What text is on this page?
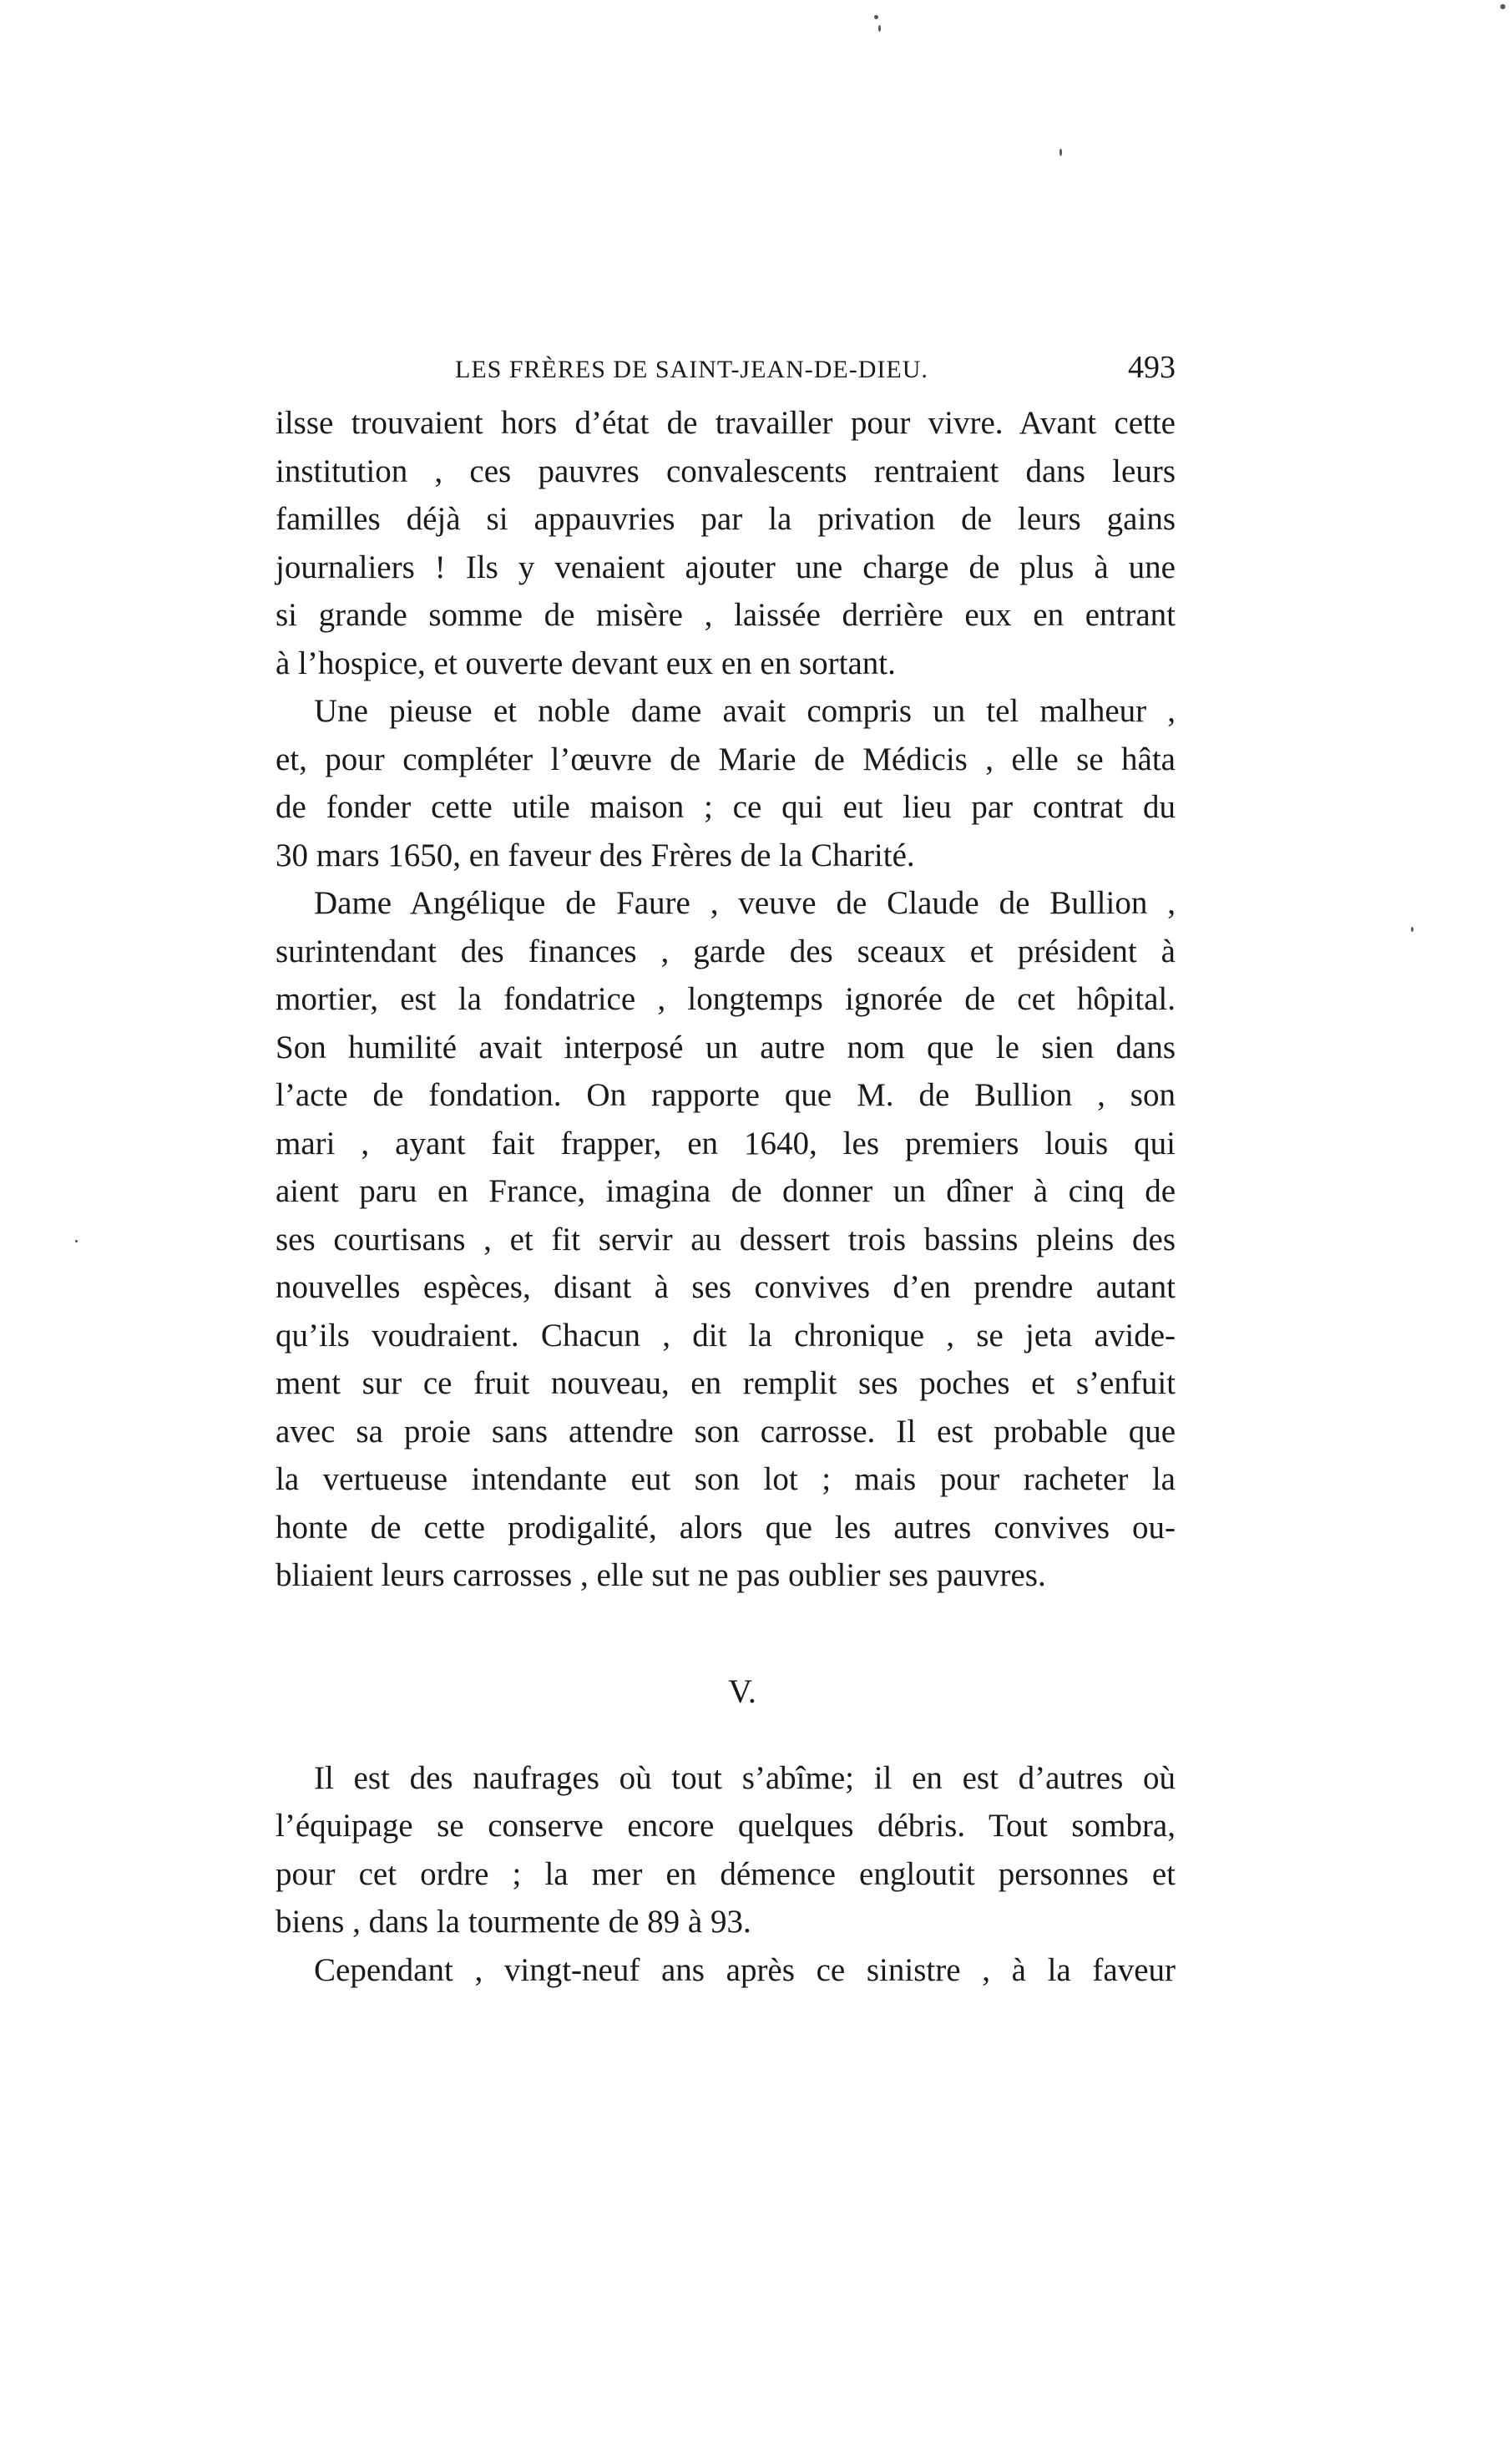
LES FRÈRES DE SAINT-JEAN-DE-DIEU.	493
ilsse trouvaient hors d’état de travailler pour vivre. Avant cette
institution , ces pauvres convalescents rentraient dans leurs
familles déjà si appauvries par la privation de leurs gains
journaliers ! Ils y venaient ajouter une charge de plus à une
si grande somme de misère , laissée derrière eux en entrant
à l’hospice, et ouverte devant eux en en sortant.
Une pieuse et noble dame avait compris un tel malheur ,
et, pour compléter l’œuvre de Marie de Médicis , elle se hâta
de fonder cette utile maison ; ce qui eut lieu par contrat du
30 mars 1650, en faveur des Frères de la Charité.
Dame Angélique de Faure , veuve de Claude de Bullion ,
surintendant des finances , garde des sceaux et président à
mortier, est la fondatrice , longtemps ignorée de cet hôpital.
Son humilité avait interposé un autre nom que le sien dans
l’acte de fondation. On rapporte que M. de Bullion , son
mari , ayant fait frapper, en 1640, les premiers louis qui
aient paru en France, imagina de donner un dîner à cinq de
ses courtisans , et fit servir au dessert trois bassins pleins des
nouvelles espèces, disant à ses convives d’en prendre autant
qu’ils voudraient. Chacun , dit la chronique , se jeta avide-
ment sur ce fruit nouveau, en remplit ses poches et s’enfuit
avec sa proie sans attendre son carrosse. Il est probable que
la vertueuse intendante eut son lot ; mais pour racheter la
honte de cette prodigalité, alors que les autres convives ou-
bliaient leurs carrosses , elle sut ne pas oublier ses pauvres.

V.

Il est des naufrages où tout s’abîme; il en est d’autres où
l’équipage se conserve encore quelques débris. Tout sombra,
pour cet ordre ; la mer en démence engloutit personnes et
biens , dans la tourmente de 89 à 93.
Cependant , vingt-neuf ans après ce sinistre , à la faveur
